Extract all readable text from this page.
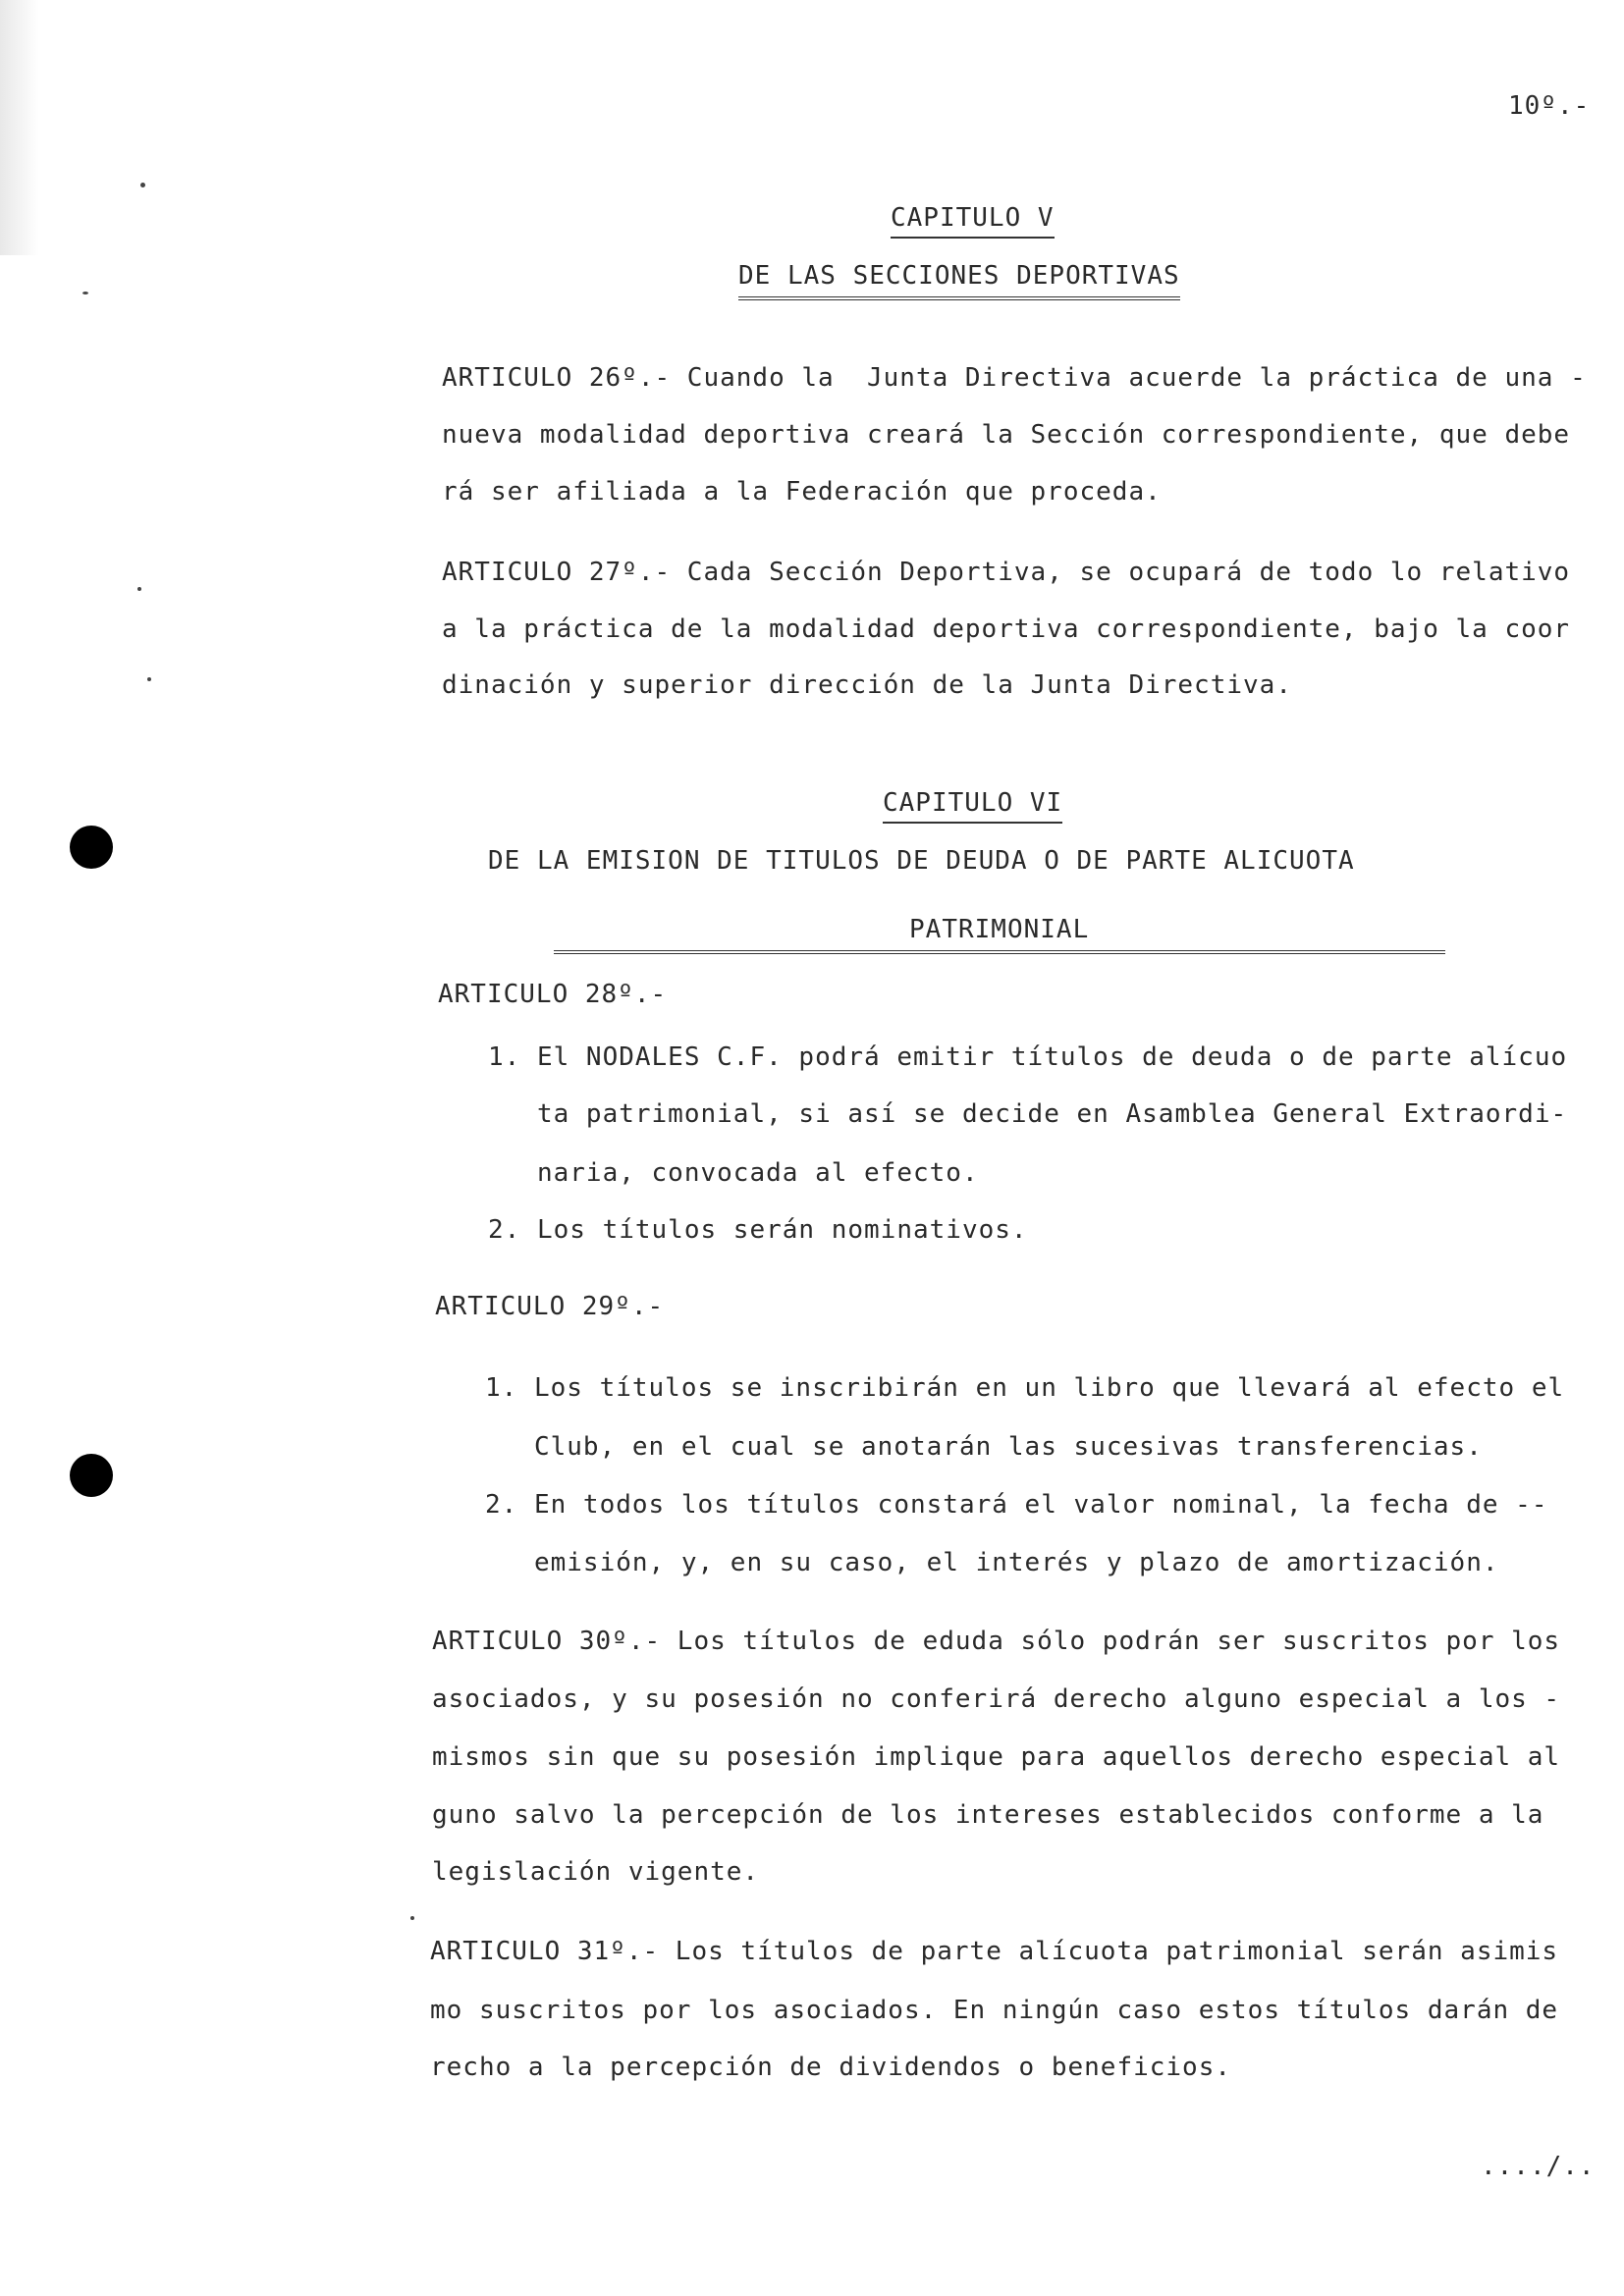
10º.-
CAPITULO V
DE LAS SECCIONES DEPORTIVAS
ARTICULO 26º.- Cuando la  Junta Directiva acuerde la práctica de una -
nueva modalidad deportiva creará la Sección correspondiente, que debe
rá ser afiliada a la Federación que proceda.
ARTICULO 27º.- Cada Sección Deportiva, se ocupará de todo lo relativo
a la práctica de la modalidad deportiva correspondiente, bajo la coor
dinación y superior dirección de la Junta Directiva.
CAPITULO VI
DE LA EMISION DE TITULOS DE DEUDA O DE PARTE ALICUOTA

PATRIMONIAL

ARTICULO 28º.-
1. El NODALES C.F. podrá emitir títulos de deuda o de parte alícuo
ta patrimonial, si así se decide en Asamblea General Extraordi-
naria, convocada al efecto.
2. Los títulos serán nominativos.
ARTICULO 29º.-
1. Los títulos se inscribirán en un libro que llevará al efecto el
Club, en el cual se anotarán las sucesivas transferencias.
2. En todos los títulos constará el valor nominal, la fecha de --
emisión, y, en su caso, el interés y plazo de amortización.
ARTICULO 30º.- Los títulos de eduda sólo podrán ser suscritos por los
asociados, y su posesión no conferirá derecho alguno especial a los -
mismos sin que su posesión implique para aquellos derecho especial al
guno salvo la percepción de los intereses establecidos conforme a la
legislación vigente.
ARTICULO 31º.- Los títulos de parte alícuota patrimonial serán asimis
mo suscritos por los asociados. En ningún caso estos títulos darán de
recho a la percepción de dividendos o beneficios.
..../..
